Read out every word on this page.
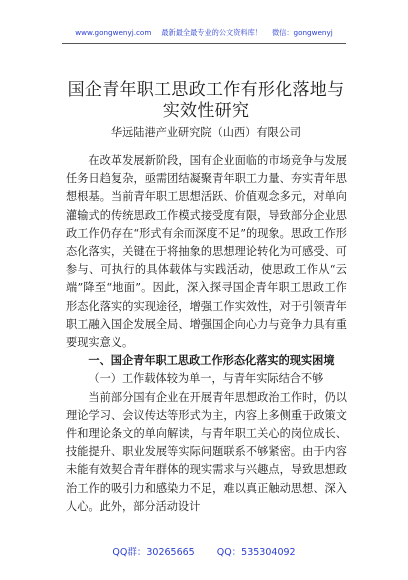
www.gongwenyj.com 最新最全最专业的公文资料库！ 微信：gongwenyj
国企青年职工思政工作有形化落地与实效性研究
华远陆港产业研究院（山西）有限公司

在改革发展新阶段，国有企业面临的市场竞争与发展任务日趋复杂，亟需团结凝聚青年职工力量、夯实青年思想根基。当前青年职工思想活跃、价值观念多元，对单向灌输式的传统思政工作模式接受度有限，导致部分企业思政工作仍存在“形式有余而深度不足”的现象。思政工作形态化落实，关键在于将抽象的思想理论转化为可感受、可参与、可执行的具体载体与实践活动，使思政工作从“云端”降至“地面”。因此，深入探寻国企青年职工思政工作形态化落实的实现途径，增强工作实效性，对于引领青年职工融入国企发展全局、增强国企向心力与竞争力具有重要现实意义。

一、国企青年职工思政工作形态化落实的现实困境
（一）工作载体较为单一，与青年实际结合不够

当前部分国有企业在开展青年思想政治工作时，仍以理论学习、会议传达等形式为主，内容上多侧重于政策文件和理论条文的单向解读，与青年职工关心的岗位成长、技能提升、职业发展等实际问题联系不够紧密。由于内容未能有效契合青年群体的现实需求与兴趣点，导致思想政治工作的吸引力和感染力不足，难以真正触动思想、深入人心。此外，部分活动设计

QQ群：30265665 QQ：535304092
